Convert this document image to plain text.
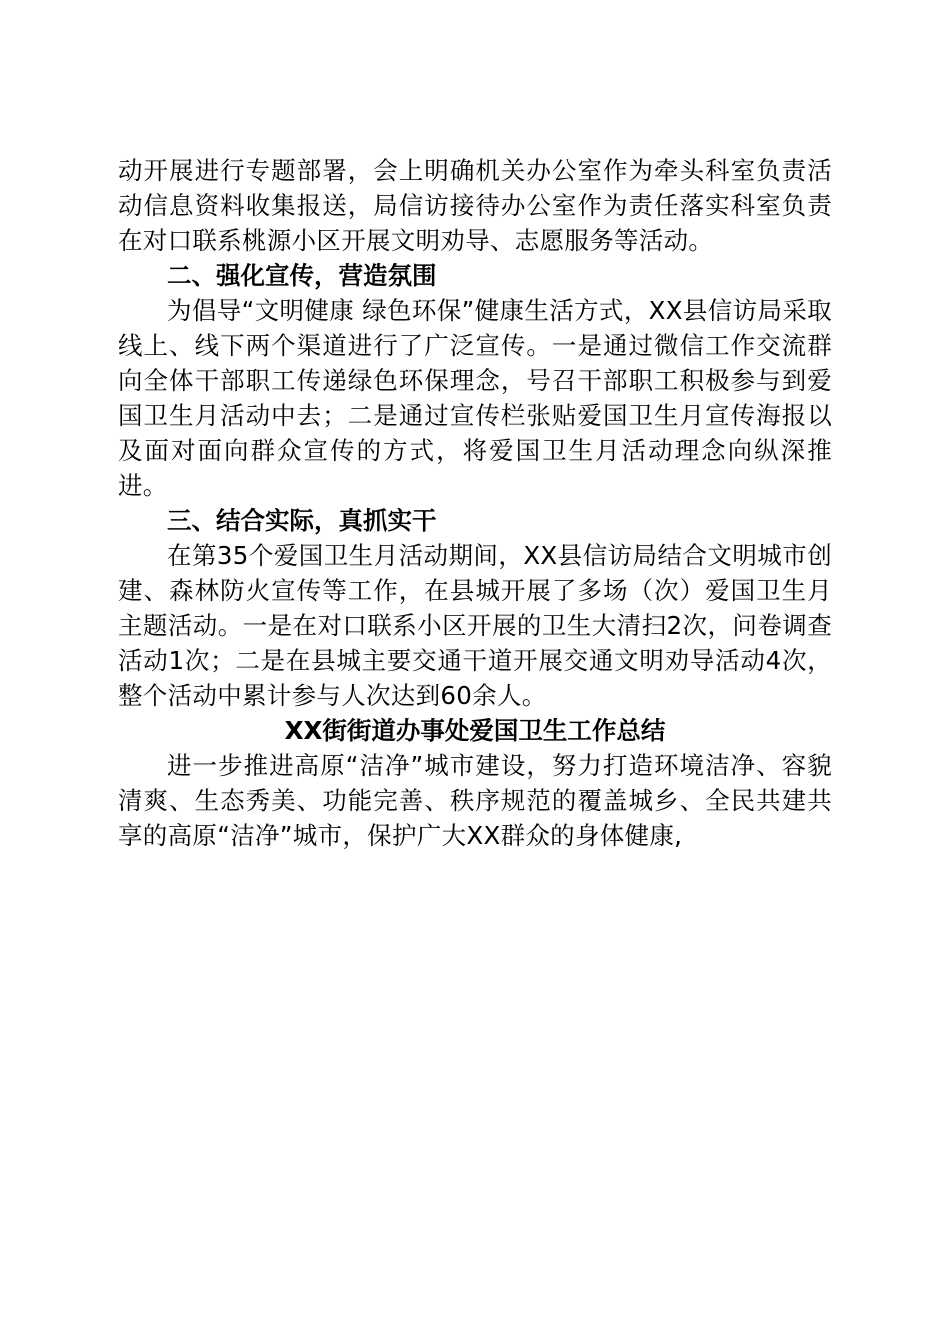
动开展进行专题部署，会上明确机关办公室作为牵头科室负责活动信息资料收集报送，局信访接待办公室作为责任落实科室负责在对口联系桃源小区开展文明劝导、志愿服务等活动。

二、强化宣传，营造氛围

为倡导“文明健康 绿色环保”健康生活方式，XX县信访局采取线上、线下两个渠道进行了广泛宣传。一是通过微信工作交流群向全体干部职工传递绿色环保理念，号召干部职工积极参与到爱国卫生月活动中去；二是通过宣传栏张贴爱国卫生月宣传海报以及面对面向群众宣传的方式，将爱国卫生月活动理念向纵深推进。

三、结合实际，真抓实干

在第35个爱国卫生月活动期间，XX县信访局结合文明城市创建、森林防火宣传等工作，在县城开展了多场（次）爱国卫生月主题活动。一是在对口联系小区开展的卫生大清扫2次，问卷调查活动1次；二是在县城主要交通干道开展交通文明劝导活动4次，整个活动中累计参与人次达到60余人。

XX街街道办事处爱国卫生工作总结

进一步推进高原“洁净”城市建设，努力打造环境洁净、容貌清爽、生态秀美、功能完善、秩序规范的覆盖城乡、全民共建共享的高原“洁净”城市，保护广大XX群众的身体健康,
